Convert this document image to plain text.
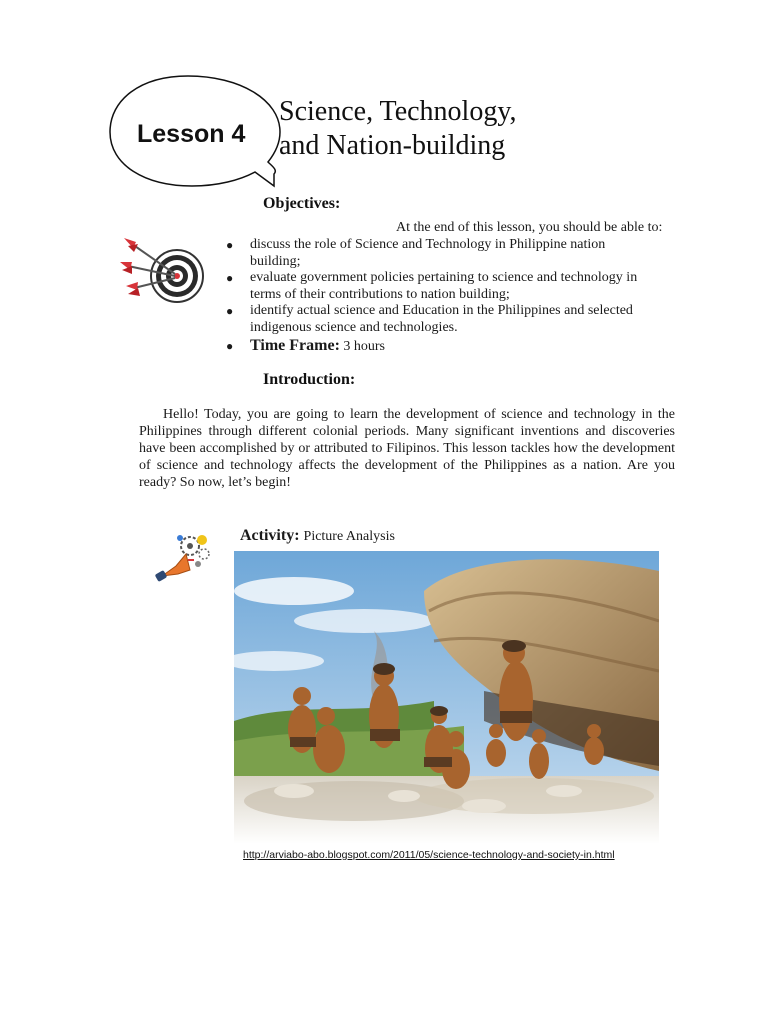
Lesson 4
Science, Technology,
and Nation-building
Objectives:
At the end of this lesson, you should be able to:
● discuss the role of Science and Technology in Philippine nation building;
● evaluate government policies pertaining to science and technology in terms of their contributions to nation building;
● identify actual science and Education in the Philippines and selected indigenous science and technologies.
● Time Frame: 3 hours
Introduction:

Hello! Today, you are going to learn the development of science and technology in the Philippines through different colonial periods. Many significant inventions and discoveries have been accomplished by or attributed to Filipinos. This lesson tackles how the development of science and technology affects the development of the Philippines as a nation. Are you ready? So now, let’s begin!

Activity: Picture Analysis
http://arviabo-abo.blogspot.com/2011/05/science-technology-and-society-in.html
